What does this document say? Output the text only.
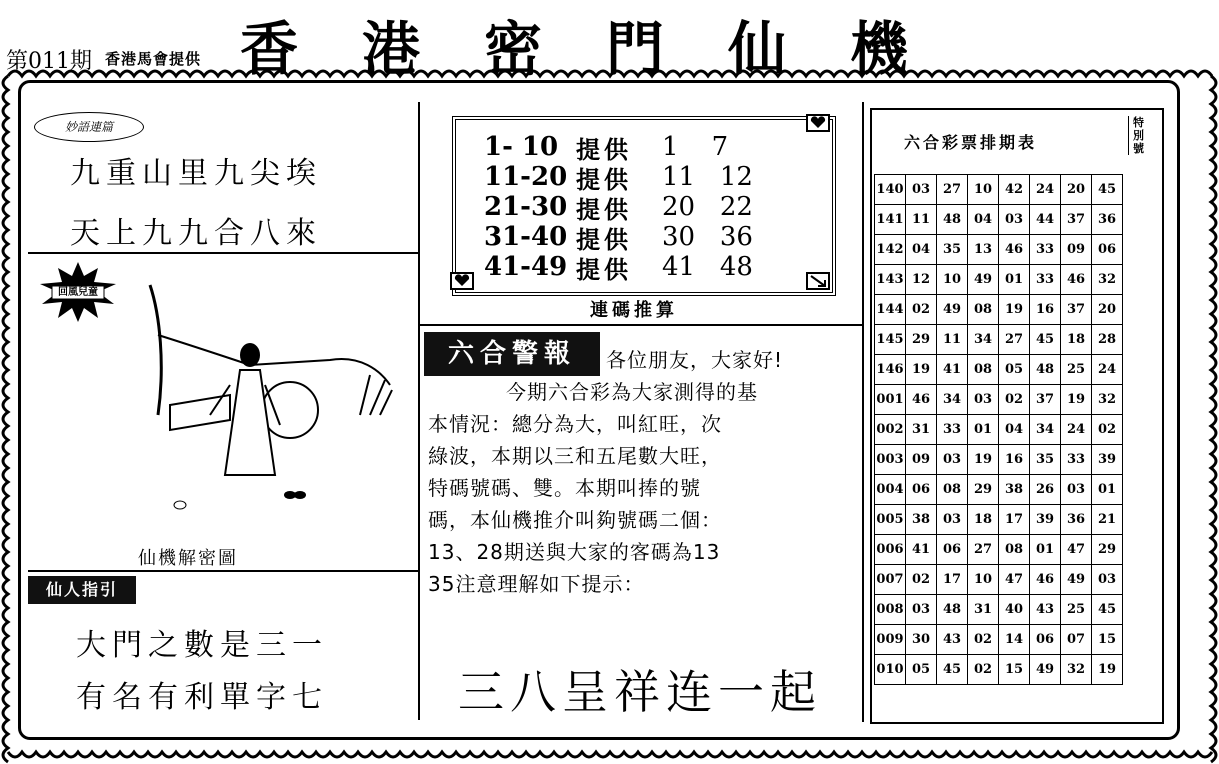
第011期 香港馬會提供 香港密門仙機
妙語連篇
九重山里九尖埃
天上九九合八來
回風兒童
仙機解密圖
仙人指引
大門之數是三一
有名有利單字七
1- 10 提供	1    7
11-20 提供	11   12
21-30 提供	20   22
31-40 提供	30   36
41-49 提供	41   48
連碼推算
六合警報	各位朋友，大家好!
今期六合彩為大家測得的基
本情況：總分為大，叫紅旺，次
綠波，本期以三和五尾數大旺，
特碼號碼、雙。本期叫捧的號
碼，本仙機推介叫夠號碼二個：
13、28期送與大家的客碼為13
35注意理解如下提示：
三八呈祥连一起
六合彩票排期表
特別號
140	03	27	10	42	24	20	45
141	11	48	04	03	44	37	36
142	04	35	13	46	33	09	06
143	12	10	49	01	33	46	32
144	02	49	08	19	16	37	20
145	29	11	34	27	45	18	28
146	19	41	08	05	48	25	24
001	46	34	03	02	37	19	32
002	31	33	01	04	34	24	02
003	09	03	19	16	35	33	39
004	06	08	29	38	26	03	01
005	38	03	18	17	39	36	21
006	41	06	27	08	01	47	29
007	02	17	10	47	46	49	03
008	03	48	31	40	43	25	45
009	30	43	02	14	06	07	15
010	05	45	02	15	49	32	19
